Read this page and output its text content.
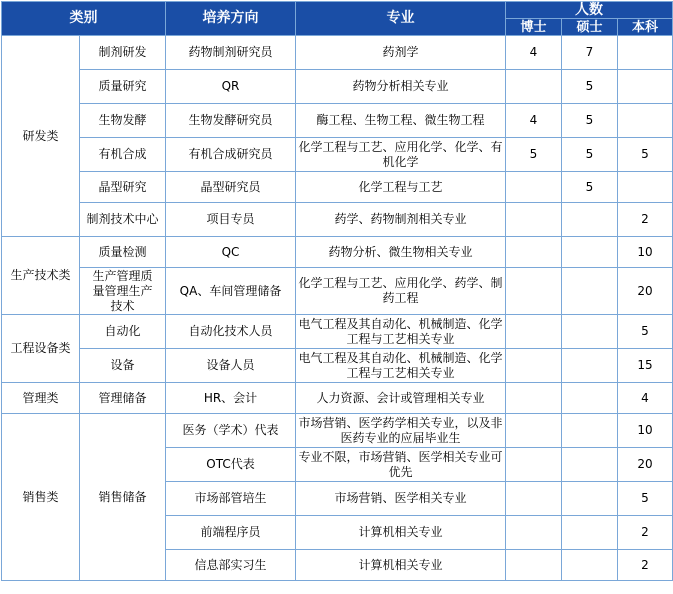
类别		培养方向	专业	人数		
				博士	硕士	本科
研发类	制剂研发	药物制剂研究员	药剂学	4	7	
	质量研究	QR	药物分析相关专业		5	
	生物发酵	生物发酵研究员	酶工程、生物工程、微生物工程	4	5	
	有机合成	有机合成研究员	化学工程与工艺、应用化学、化学、有机化学	5	5	5
	晶型研究	晶型研究员	化学工程与工艺		5	
	制剂技术中心	项目专员	药学、药物制剂相关专业			2
生产技术类	质量检测	QC	药物分析、微生物相关专业			10
	生产管理质量管理生产技术	QA、车间管理储备	化学工程与工艺、应用化学、药学、制药工程			20
工程设备类	自动化	自动化技术人员	电气工程及其自动化、机械制造、化学工程与工艺相关专业			5
	设备	设备人员	电气工程及其自动化、机械制造、化学工程与工艺相关专业			15
管理类	管理储备	HR、会计	人力资源、会计或管理相关专业			4
销售类	销售储备	医务（学术）代表	市场营销、医学药学相关专业，以及非医药专业的应届毕业生			10
		OTC代表	专业不限，市场营销、医学相关专业可优先			20
		市场部管培生	市场营销、医学相关专业			5
		前端程序员	计算机相关专业			2
		信息部实习生	计算机相关专业			2
